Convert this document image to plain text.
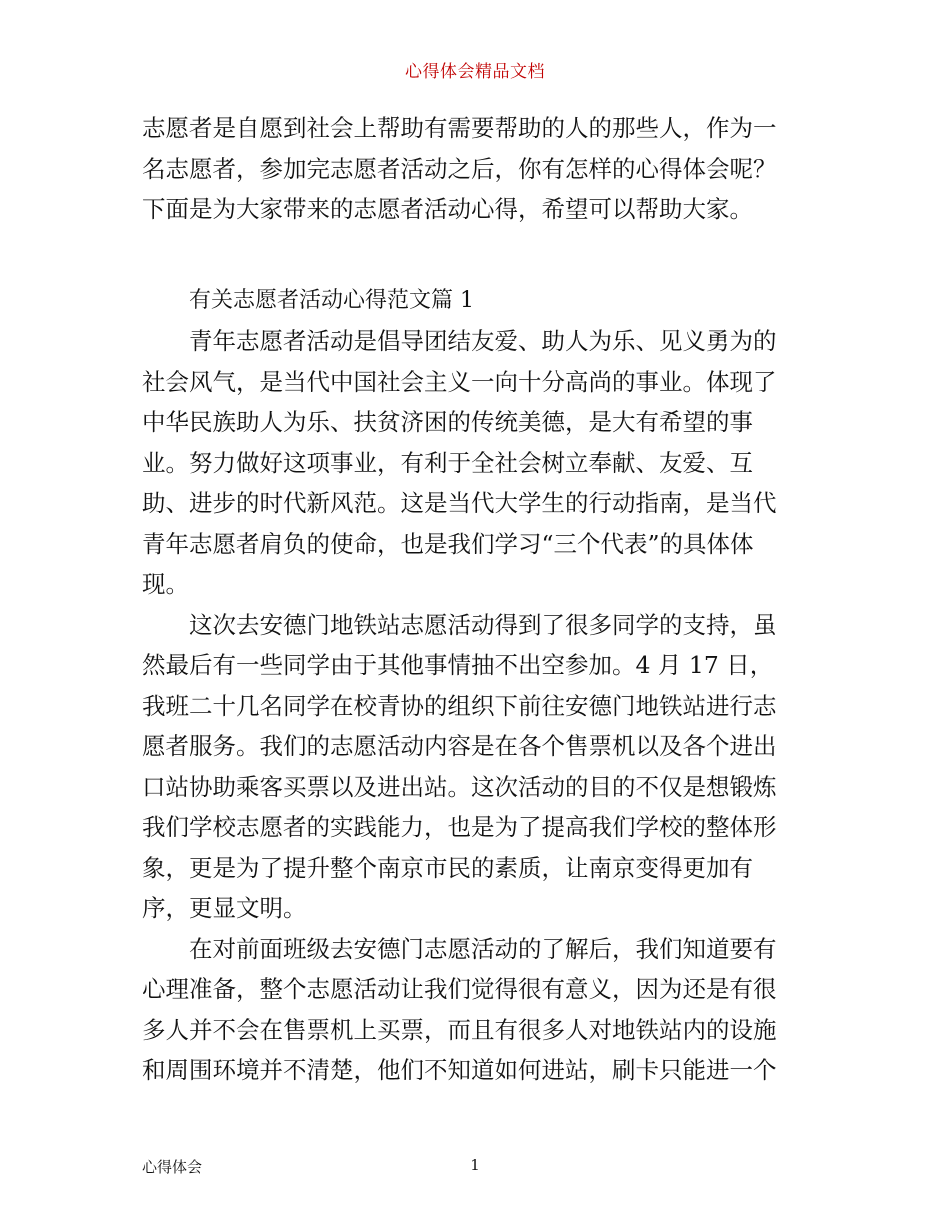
心得体会精品文档
志愿者是自愿到社会上帮助有需要帮助的人的那些人，作为一
名志愿者，参加完志愿者活动之后，你有怎样的心得体会呢？
下面是为大家带来的志愿者活动心得，希望可以帮助大家。
有关志愿者活动心得范文篇 1
青年志愿者活动是倡导团结友爱、助人为乐、见义勇为的
社会风气，是当代中国社会主义一向十分高尚的事业。体现了
中华民族助人为乐、扶贫济困的传统美德，是大有希望的事
业。努力做好这项事业，有利于全社会树立奉献、友爱、互
助、进步的时代新风范。这是当代大学生的行动指南，是当代
青年志愿者肩负的使命，也是我们学习“三个代表”的具体体
现。
这次去安德门地铁站志愿活动得到了很多同学的支持，虽
然最后有一些同学由于其他事情抽不出空参加。4 月 17 日，
我班二十几名同学在校青协的组织下前往安德门地铁站进行志
愿者服务。我们的志愿活动内容是在各个售票机以及各个进出
口站协助乘客买票以及进出站。这次活动的目的不仅是想锻炼
我们学校志愿者的实践能力，也是为了提高我们学校的整体形
象，更是为了提升整个南京市民的素质，让南京变得更加有
序，更显文明。
在对前面班级去安德门志愿活动的了解后，我们知道要有
心理准备，整个志愿活动让我们觉得很有意义，因为还是有很
多人并不会在售票机上买票，而且有很多人对地铁站内的设施
和周围环境并不清楚，他们不知道如何进站，刷卡只能进一个
心得体会	1
